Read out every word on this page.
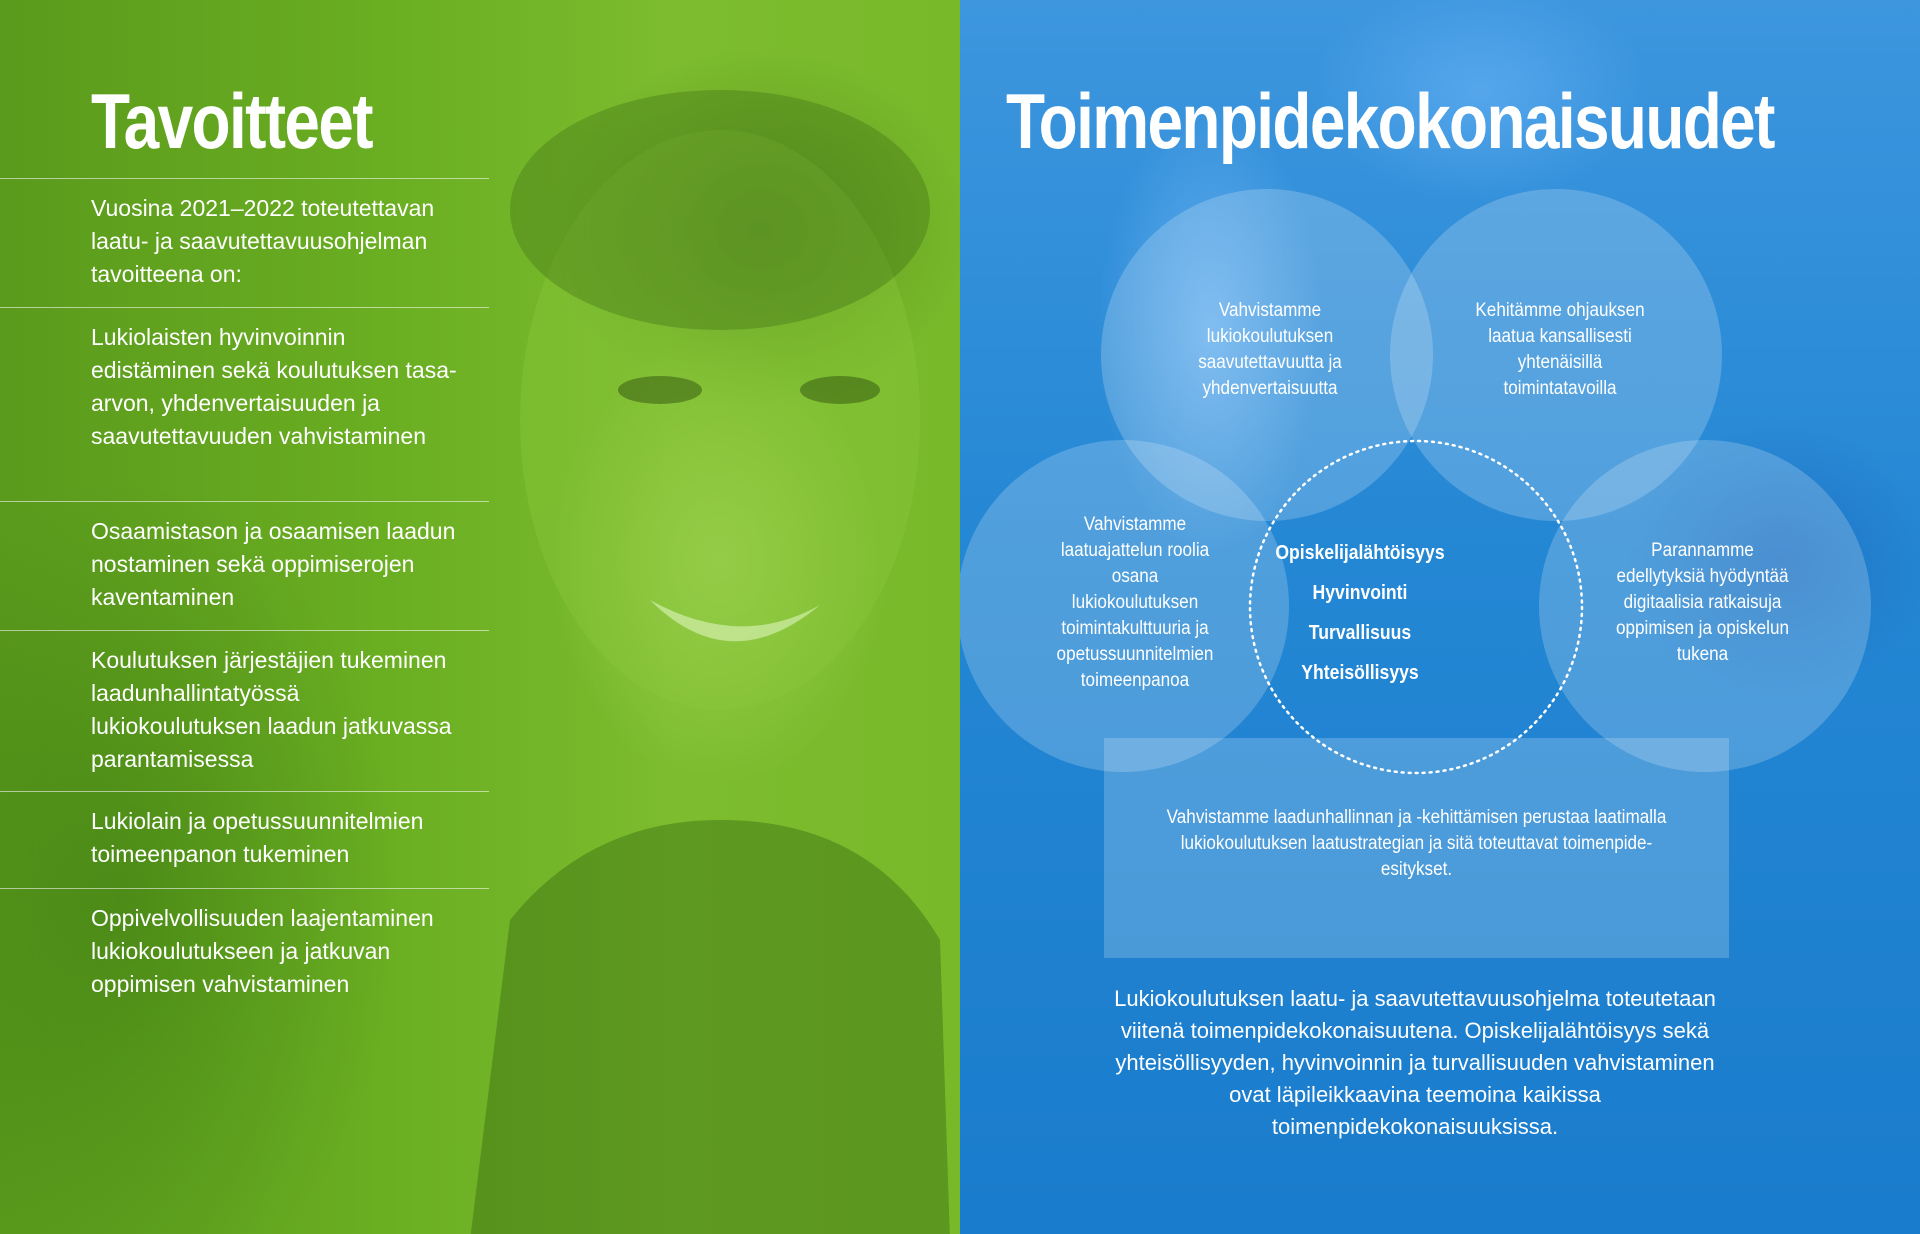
Tavoitteet

Vuosina 2021–2022 toteutettavan laatu- ja saavutettavuusohjelman tavoitteena on:

Lukiolaisten hyvinvoinnin edistäminen sekä koulutuksen tasa-arvon, yhdenvertaisuuden ja saavutettavuuden vahvistaminen

Osaamistason ja osaamisen laadun nostaminen sekä oppimiserojen kaventaminen

Koulutuksen järjestäjien tukeminen laadunhallintatyössä lukiokoulutuksen laadun jatkuvassa parantamisessa

Lukiolain ja opetussuunnitelmien toimeenpanon tukeminen

Oppivelvollisuuden laajentaminen lukiokoulutukseen ja jatkuvan oppimisen vahvistaminen

Toimenpidekokonaisuudet

Vahvistamme lukiokoulutuksen saavutettavuutta ja yhdenvertaisuutta

Kehitämme ohjauksen laatua kansallisesti yhtenäisillä toimintatavoilla

Vahvistamme laatuajattelun roolia osana lukiokoulutuksen toimintakulttuuria ja opetussuunnitelmien toimeenpanoa

Parannamme edellytyksiä hyödyntää digitaalisia ratkaisuja oppimisen ja opiskelun tukena

Opiskelijalähtöisyys
Hyvinvointi
Turvallisuus
Yhteisöllisyys

Vahvistamme laadunhallinnan ja -kehittämisen perustaa laatimalla lukiokoulutuksen laatustrategian ja sitä toteuttavat toimenpide-esitykset.

Lukiokoulutuksen laatu- ja saavutettavuusohjelma toteutetaan viitenä toimenpidekokonaisuutena. Opiskelijalähtöisyys sekä yhteisöllisyyden, hyvinvoinnin ja turvallisuuden vahvistaminen ovat läpileikkaavina teemoina kaikissa toimenpidekokonaisuuksissa.
